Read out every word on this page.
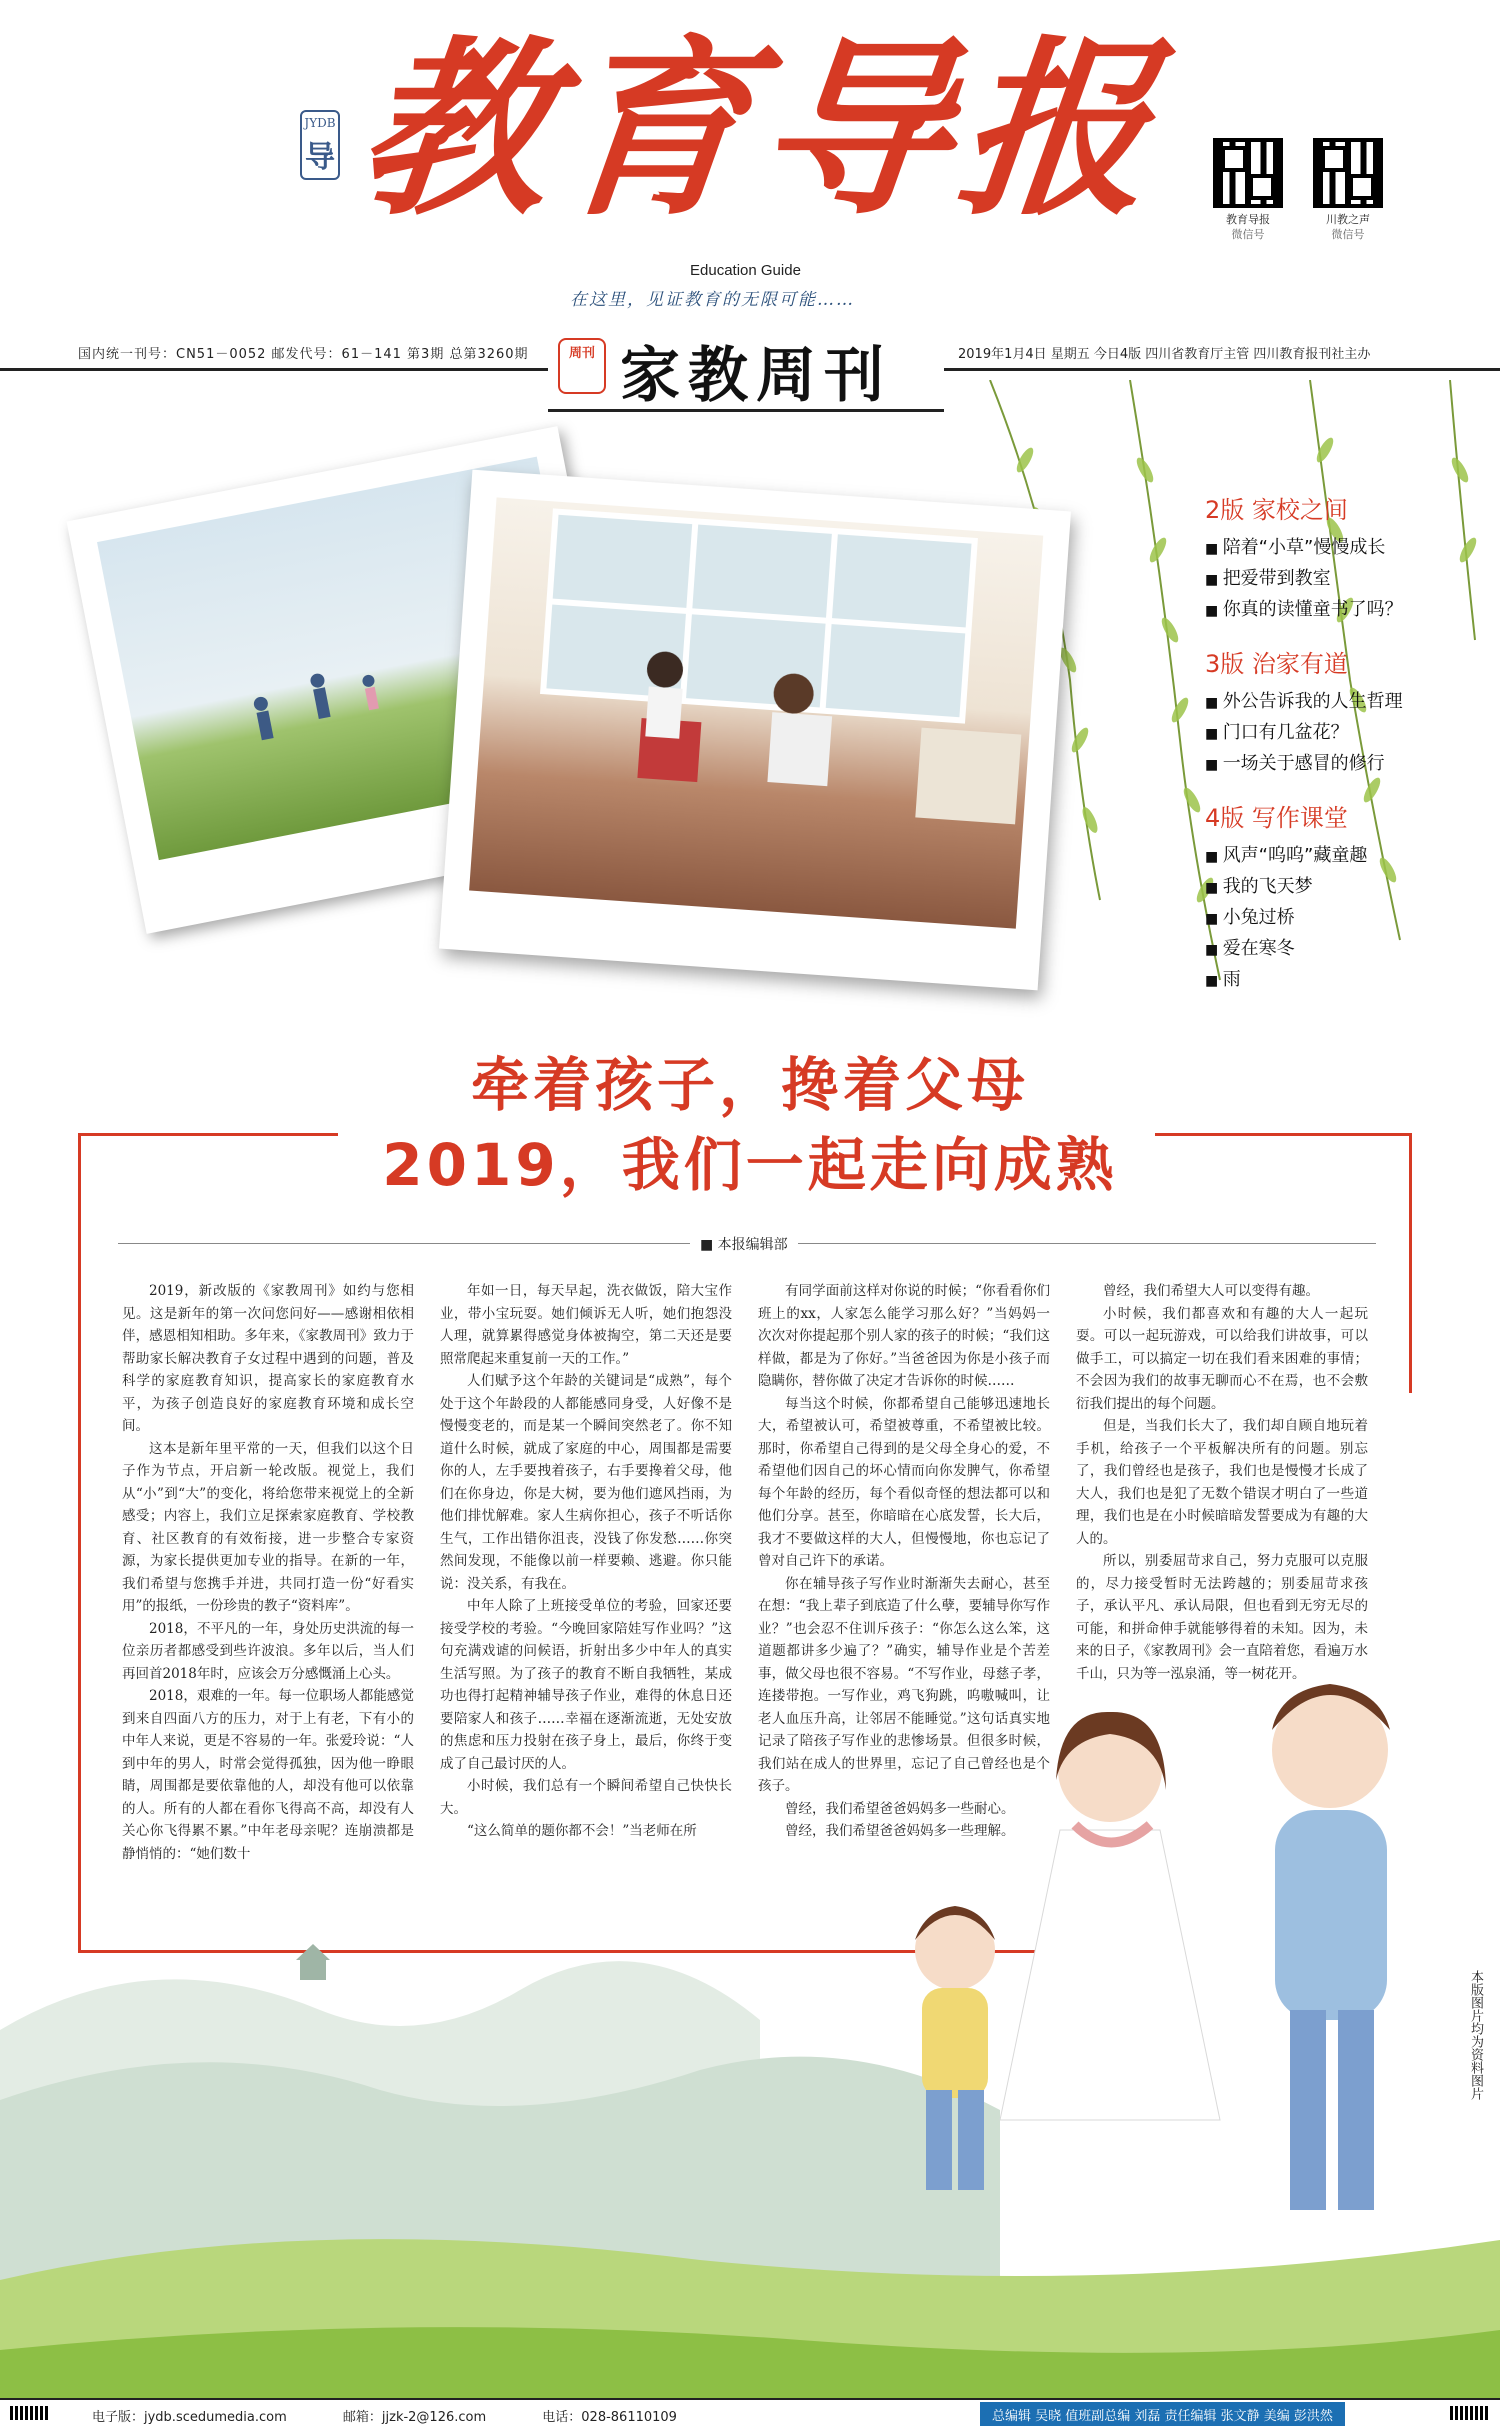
JYDB
导 教育导报
Education Guide
在这里，见证教育的无限可能……
教育导报
微信号
川教之声
微信号
国内统一刊号：CN51－0052 邮发代号：61－141 第3期 总第3260期	2019年1月4日 星期五 今日4版 四川省教育厅主管 四川教育报刊社主办
周刊 家教周刊
2版 家校之间
■ 陪着“小草”慢慢成长
■ 把爱带到教室
■ 你真的读懂童书了吗？
3版 治家有道
■ 外公告诉我的人生哲理
■ 门口有几盆花？
■ 一场关于感冒的修行
4版 写作课堂
■ 风声“呜呜”藏童趣
■ 我的飞天梦
■ 小兔过桥
■ 爱在寒冬
■ 雨
牵着孩子，搀着父母
2019，我们一起走向成熟
■ 本报编辑部

2019，新改版的《家教周刊》如约与您相见。这是新年的第一次问您问好——感谢相依相伴，感恩相知相助。多年来，《家教周刊》致力于帮助家长解决教育子女过程中遇到的问题，普及科学的家庭教育知识，提高家长的家庭教育水平，为孩子创造良好的家庭教育环境和成长空间。

这本是新年里平常的一天，但我们以这个日子作为节点，开启新一轮改版。视觉上，我们从“小”到“大”的变化，将给您带来视觉上的全新感受；内容上，我们立足探索家庭教育、学校教育、社区教育的有效衔接，进一步整合专家资源，为家长提供更加专业的指导。在新的一年，我们希望与您携手并进，共同打造一份“好看实用”的报纸，一份珍贵的教子“资料库”。

2018，不平凡的一年，身处历史洪流的每一位亲历者都感受到些许波浪。多年以后，当人们再回首2018年时，应该会万分感慨涌上心头。

2018，艰难的一年。每一位职场人都能感觉到来自四面八方的压力，对于上有老，下有小的中年人来说，更是不容易的一年。张爱玲说：“人到中年的男人，时常会觉得孤独，因为他一睁眼睛，周围都是要依靠他的人，却没有他可以依靠的人。所有的人都在看你飞得高不高，却没有人关心你飞得累不累。”中年老母亲呢？连崩溃都是静悄悄的：“她们数十

年如一日，每天早起，洗衣做饭，陪大宝作业，带小宝玩耍。她们倾诉无人听，她们抱怨没人理，就算累得感觉身体被掏空，第二天还是要照常爬起来重复前一天的工作。”

人们赋予这个年龄的关键词是“成熟”，每个处于这个年龄段的人都能感同身受，人好像不是慢慢变老的，而是某一个瞬间突然老了。你不知道什么时候，就成了家庭的中心，周围都是需要你的人，左手要拽着孩子，右手要搀着父母，他们在你身边，你是大树，要为他们遮风挡雨，为他们排忧解难。家人生病你担心，孩子不听话你生气，工作出错你沮丧，没钱了你发愁……你突然间发现，不能像以前一样要赖、逃避。你只能说：没关系，有我在。

中年人除了上班接受单位的考验，回家还要接受学校的考验。“今晚回家陪娃写作业吗？”这句充满戏谑的问候语，折射出多少中年人的真实生活写照。为了孩子的教育不断自我牺牲，某成功也得打起精神辅导孩子作业，难得的休息日还要陪家人和孩子……幸福在逐渐流逝，无处安放的焦虑和压力投射在孩子身上，最后，你终于变成了自己最讨厌的人。

小时候，我们总有一个瞬间希望自己快快长大。

“这么简单的题你都不会！”当老师在所

有同学面前这样对你说的时候；“你看看你们班上的xx，人家怎么能学习那么好？”当妈妈一次次对你提起那个别人家的孩子的时候；“我们这样做，都是为了你好。”当爸爸因为你是小孩子而隐瞒你，替你做了决定才告诉你的时候……

每当这个时候，你都希望自己能够迅速地长大，希望被认可，希望被尊重，不希望被比较。那时，你希望自己得到的是父母全身心的爱，不希望他们因自己的坏心情而向你发脾气，你希望每个年龄的经历，每个看似奇怪的想法都可以和他们分享。甚至，你暗暗在心底发誓，长大后，我才不要做这样的大人，但慢慢地，你也忘记了曾对自己许下的承诺。

你在辅导孩子写作业时渐渐失去耐心，甚至在想：“我上辈子到底造了什么孽，要辅导你写作业？”也会忍不住训斥孩子：“你怎么这么笨，这道题都讲多少遍了？”确实，辅导作业是个苦差事，做父母也很不容易。“不写作业，母慈子孝，连搂带抱。一写作业，鸡飞狗跳，呜嗷喊叫，让老人血压升高，让邻居不能睡觉。”这句话真实地记录了陪孩子写作业的悲惨场景。但很多时候，我们站在成人的世界里，忘记了自己曾经也是个孩子。

曾经，我们希望爸爸妈妈多一些耐心。

曾经，我们希望爸爸妈妈多一些理解。

曾经，我们希望大人可以变得有趣。

小时候，我们都喜欢和有趣的大人一起玩耍。可以一起玩游戏，可以给我们讲故事，可以做手工，可以搞定一切在我们看来困难的事情；不会因为我们的故事无聊而心不在焉，也不会敷衍我们提出的每个问题。

但是，当我们长大了，我们却自顾自地玩着手机，给孩子一个平板解决所有的问题。别忘了，我们曾经也是孩子，我们也是慢慢才长成了大人，我们也是犯了无数个错误才明白了一些道理，我们也是在小时候暗暗发誓要成为有趣的大人的。

所以，别委屈苛求自己，努力克服可以克服的，尽力接受暂时无法跨越的；别委屈苛求孩子，承认平凡、承认局限，但也看到无穷无尽的可能，和拼命伸手就能够得着的未知。因为，未来的日子，《家教周刊》会一直陪着您，看遍万水千山，只为等一泓泉涌，等一树花开。

本版图片均为资料图片
电子版：jydb.scedumedia.com	邮箱：jjzk-2@126.com	电话：028-86110109	总编辑 吴晓 值班副总编 刘磊 责任编辑 张文静 美编 彭洪然
